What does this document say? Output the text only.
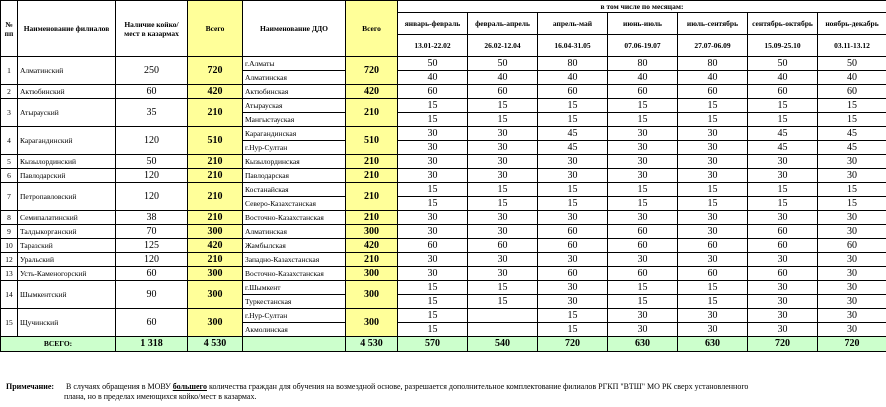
№ пп	Наименование филиалов	Наличие койко/мест в казармах	Всего	Наименование ДДО	Всего	в том числе по месяцам:						
						январь-февраль	февраль-апрель	апрель-май	июнь-июль	июль-сентябрь	сентябрь-октябрь	ноябрь-декабрь
						13.01-22.02	26.02-12.04	16.04-31.05	07.06-19.07	27.07-06.09	15.09-25.10	03.11-13.12
1	Алматинский	250	720	г.Алматы	720	50	50	80	80	80	50	50
				Алматинская		40	40	40	40	40	40	40
2	Актюбинский	60	420	Актюбинская	420	60	60	60	60	60	60	60
3	Атырауский	35	210	Атырауская	210	15	15	15	15	15	15	15
				Мангыстауская		15	15	15	15	15	15	15
4	Карагандинский	120	510	Карагандинская	510	30	30	45	30	30	45	45
				г.Нур-Султан		30	30	45	30	30	45	45
5	Кызылординский	50	210	Кызылординская	210	30	30	30	30	30	30	30
6	Павлодарский	120	210	Павлодарская	210	30	30	30	30	30	30	30
7	Петропавловский	120	210	Костанайская	210	15	15	15	15	15	15	15
				Северо-Казахстанская		15	15	15	15	15	15	15
8	Семипалатинский	38	210	Восточно-Казахстанская	210	30	30	30	30	30	30	30
9	Талдыкорганский	70	300	Алматинская	300	30	30	60	60	30	60	30
10	Таразский	125	420	Жамбылская	420	60	60	60	60	60	60	60
12	Уральский	120	210	Западно-Казахстанская	210	30	30	30	30	30	30	30
13	Усть-Каменогорский	60	300	Восточно-Казахстанская	300	30	30	60	60	60	60	30
14	Шымкентский	90	300	г.Шымкент	300	15	15	30	15	15	30	30
				Туркестанская		15	15	30	15	15	30	30
15	Щучинский	60	300	г.Нур-Султан	300	15		15	30	30	30	30
				Акмолинская		15		15	30	30	30	30
ВСЕГО:		1 318	4 530		4 530	570	540	720	630	630	720	720
Примечание: В случаях обращения в МОВУ большего количества граждан для обучения на возмездной основе, разрешается дополнительное комплектование филиалов РГКП "ВТШ" МО РК сверх установленного
плана, но в пределах имеющихся койко/мест в казармах.
